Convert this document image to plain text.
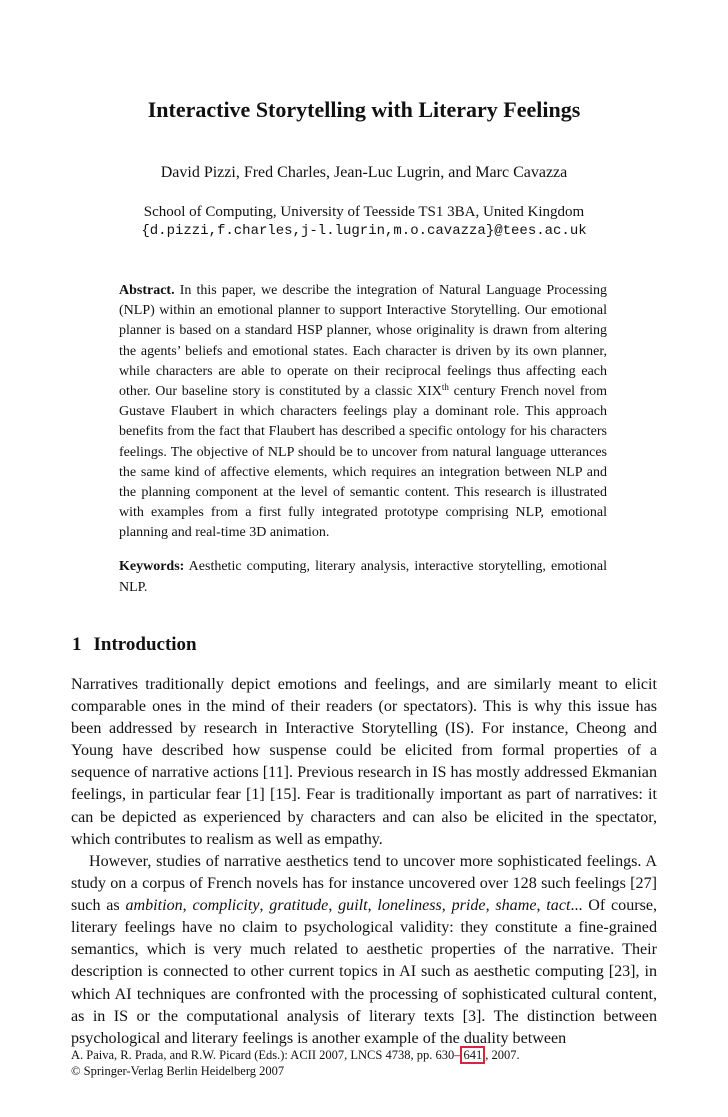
Interactive Storytelling with Literary Feelings
David Pizzi, Fred Charles, Jean-Luc Lugrin, and Marc Cavazza
School of Computing, University of Teesside TS1 3BA, United Kingdom
{d.pizzi,f.charles,j-l.lugrin,m.o.cavazza}@tees.ac.uk

Abstract. In this paper, we describe the integration of Natural Language Processing (NLP) within an emotional planner to support Interactive Storytelling. Our emotional planner is based on a standard HSP planner, whose originality is drawn from altering the agents’ beliefs and emotional states. Each character is driven by its own planner, while characters are able to operate on their reciprocal feelings thus affecting each other. Our baseline story is constituted by a classic XIXth century French novel from Gustave Flaubert in which characters feelings play a dominant role. This approach benefits from the fact that Flaubert has described a specific ontology for his characters feelings. The objective of NLP should be to uncover from natural language utterances the same kind of affective elements, which requires an integration between NLP and the planning component at the level of semantic content. This research is illustrated with examples from a first fully integrated prototype comprising NLP, emotional planning and real-time 3D animation.

Keywords: Aesthetic computing, literary analysis, interactive storytelling, emotional NLP.

1 Introduction

Narratives traditionally depict emotions and feelings, and are similarly meant to elicit comparable ones in the mind of their readers (or spectators). This is why this issue has been addressed by research in Interactive Storytelling (IS). For instance, Cheong and Young have described how suspense could be elicited from formal properties of a sequence of narrative actions [11]. Previous research in IS has mostly addressed Ekmanian feelings, in particular fear [1] [15]. Fear is traditionally important as part of narratives: it can be depicted as experienced by characters and can also be elicited in the spectator, which contributes to realism as well as empathy.

However, studies of narrative aesthetics tend to uncover more sophisticated feelings. A study on a corpus of French novels has for instance uncovered over 128 such feelings [27] such as ambition, complicity, gratitude, guilt, loneliness, pride, shame, tact... Of course, literary feelings have no claim to psychological validity: they constitute a fine-grained semantics, which is very much related to aesthetic properties of the narrative. Their description is connected to other current topics in AI such as aesthetic computing [23], in which AI techniques are confronted with the processing of sophisticated cultural content, as in IS or the computational analysis of literary texts [3]. The distinction between psychological and literary feelings is another example of the duality between

A. Paiva, R. Prada, and R.W. Picard (Eds.): ACII 2007, LNCS 4738, pp. 630– 641 , 2007.
© Springer-Verlag Berlin Heidelberg 2007
